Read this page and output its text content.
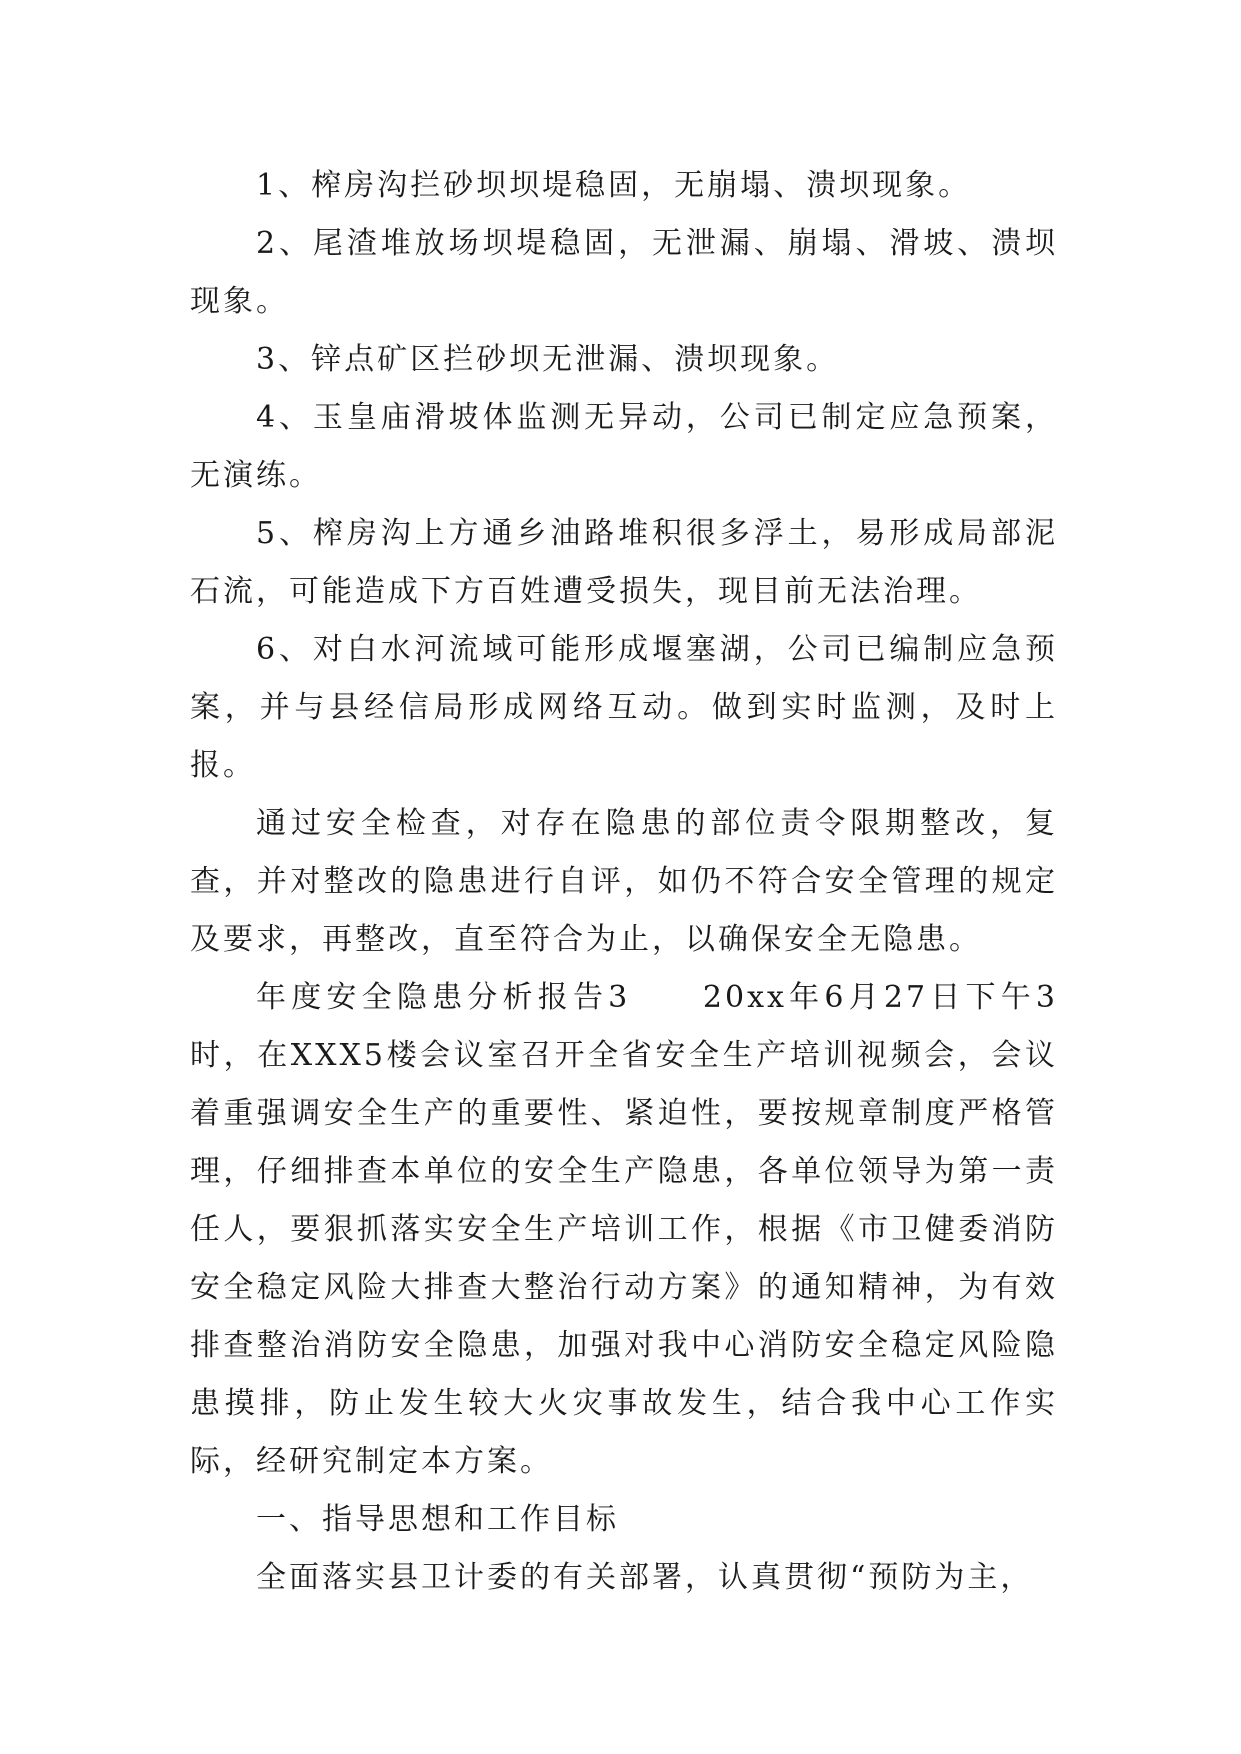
1、榨房沟拦砂坝坝堤稳固，无崩塌、溃坝现象。

2、尾渣堆放场坝堤稳固，无泄漏、崩塌、滑坡、溃坝现象。

3、锌点矿区拦砂坝无泄漏、溃坝现象。

4、玉皇庙滑坡体监测无异动，公司已制定应急预案，无演练。

5、榨房沟上方通乡油路堆积很多浮土，易形成局部泥石流，可能造成下方百姓遭受损失，现目前无法治理。

6、对白水河流域可能形成堰塞湖，公司已编制应急预案，并与县经信局形成网络互动。做到实时监测，及时上报。

通过安全检查，对存在隐患的部位责令限期整改，复查，并对整改的隐患进行自评，如仍不符合安全管理的规定及要求，再整改，直至符合为止，以确保安全无隐患。

年度安全隐患分析报告3　　20xx年6月27日下午3时，在XXX5楼会议室召开全省安全生产培训视频会，会议着重强调安全生产的重要性、紧迫性，要按规章制度严格管理，仔细排查本单位的安全生产隐患，各单位领导为第一责任人，要狠抓落实安全生产培训工作，根据《市卫健委消防安全稳定风险大排查大整治行动方案》的通知精神，为有效排查整治消防安全隐患，加强对我中心消防安全稳定风险隐患摸排，防止发生较大火灾事故发生，结合我中心工作实际，经研究制定本方案。

一、指导思想和工作目标

全面落实县卫计委的有关部署，认真贯彻“预防为主，
